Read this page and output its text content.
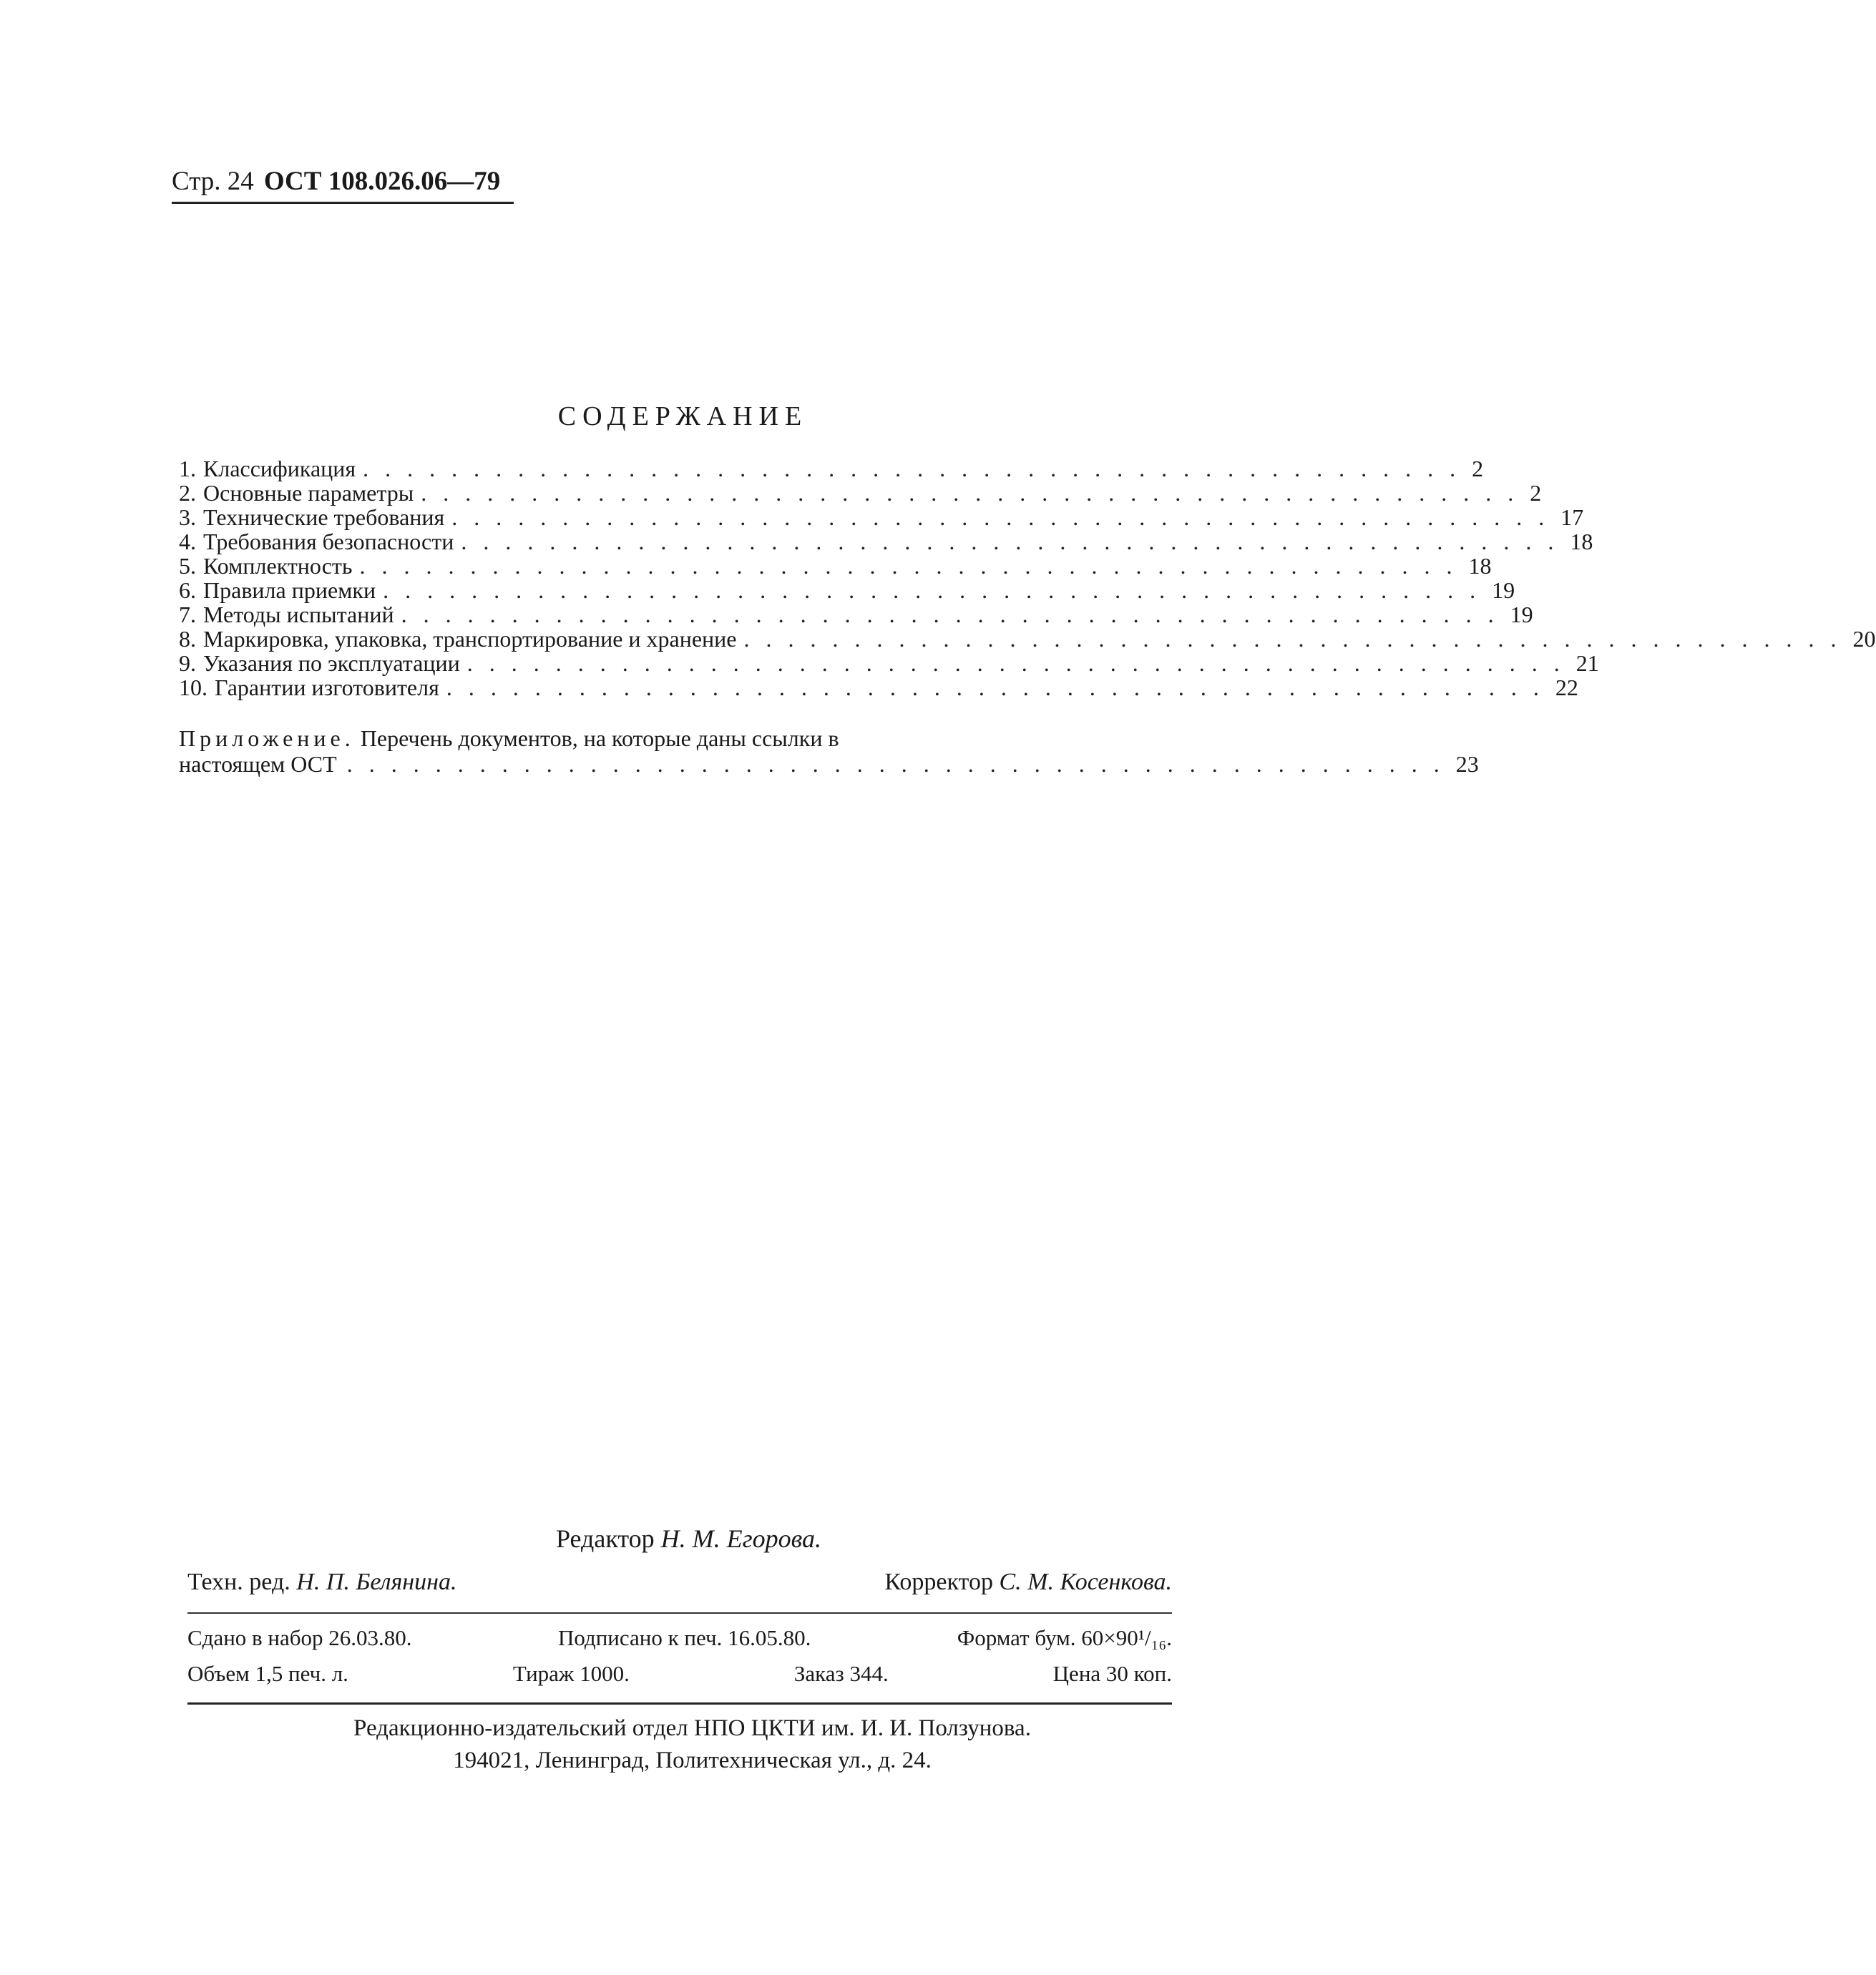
Стр. 24 ОСТ 108.026.06—79
СОДЕРЖАНИЕ
1. Классификация .................................................. 2
2. Основные параметры .................................................. 2
3. Технические требования .................................................. 17
4. Требования безопасности .................................................. 18
5. Комплектность .................................................. 18
6. Правила приемки .................................................. 19
7. Методы испытаний .................................................. 19
8. Маркировка, упаковка, транспортирование и хранение .................................................. 20
9. Указания по эксплуатации .................................................. 21
10. Гарантии изготовителя .................................................. 22
Приложение. Перечень документов, на которые даны ссылки в
настоящем ОСТ .................................................. 23
Редактор Н. М. Егорова.
Техн. ред. Н. П. Белянина.	Корректор С. М. Косенкова.
Сдано в набор 26.03.80.	Подписано к печ. 16.05.80.	Формат бум. 60×90¹/₁₆.
Объем 1,5 печ. л.	Тираж 1000.	Заказ 344.	Цена 30 коп.
Редакционно-издательский отдел НПО ЦКТИ им. И. И. Ползунова.
194021, Ленинград, Политехническая ул., д. 24.
